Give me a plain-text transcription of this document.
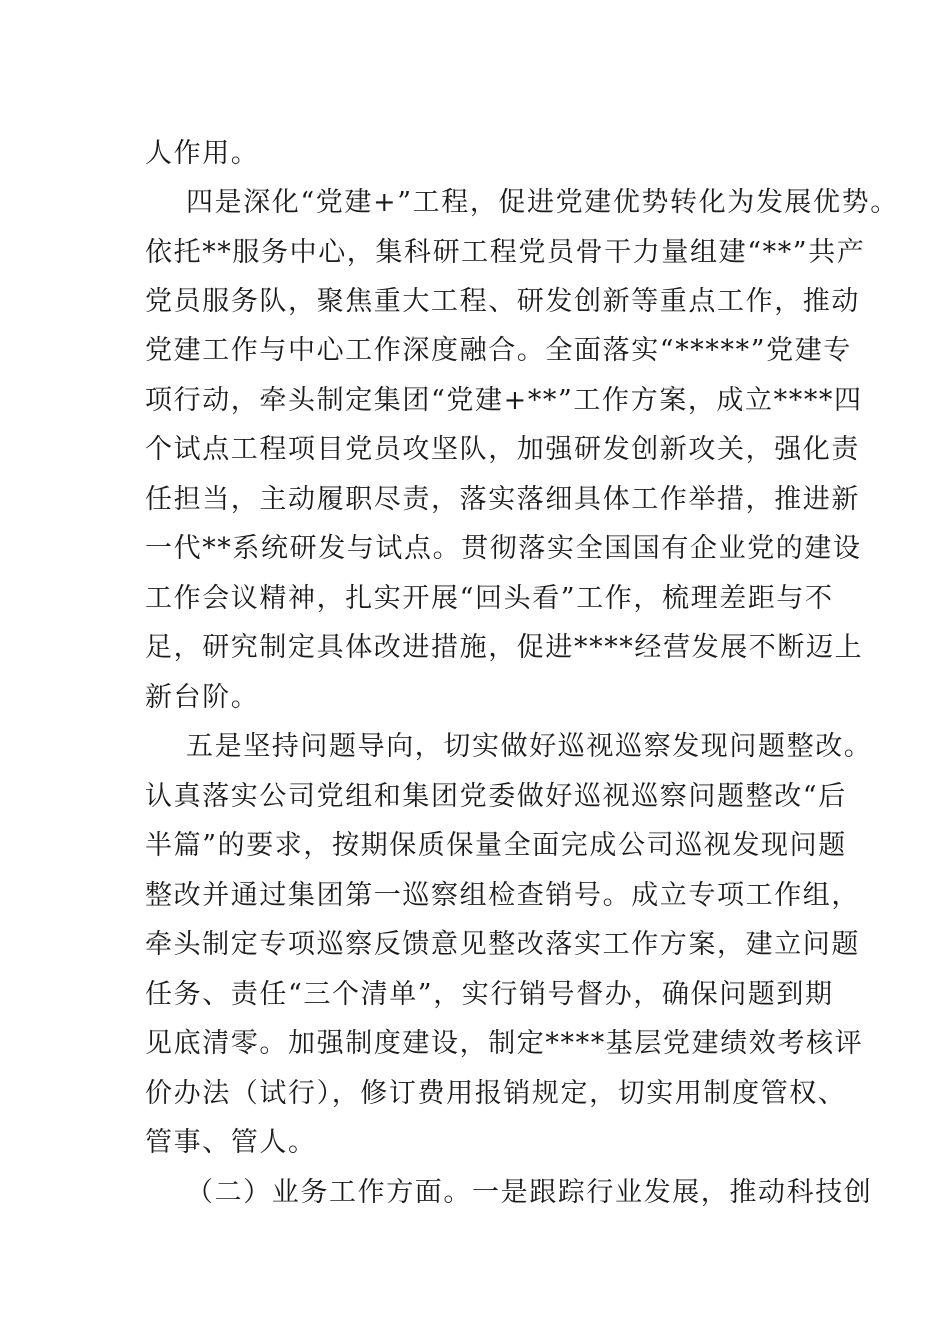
人作用。
四是深化“党建+”工程，促进党建优势转化为发展优势。
依托**服务中心，集科研工程党员骨干力量组建“**”共产
党员服务队，聚焦重大工程、研发创新等重点工作，推动
党建工作与中心工作深度融合。全面落实“*****”党建专
项行动，牵头制定集团“党建+**”工作方案，成立****四
个试点工程项目党员攻坚队，加强研发创新攻关，强化责
任担当，主动履职尽责，落实落细具体工作举措，推进新
一代**系统研发与试点。贯彻落实全国国有企业党的建设
工作会议精神，扎实开展“回头看”工作，梳理差距与不
足，研究制定具体改进措施，促进****经营发展不断迈上
新台阶。
五是坚持问题导向，切实做好巡视巡察发现问题整改。
认真落实公司党组和集团党委做好巡视巡察问题整改“后
半篇”的要求，按期保质保量全面完成公司巡视发现问题
整改并通过集团第一巡察组检查销号。成立专项工作组，
牵头制定专项巡察反馈意见整改落实工作方案，建立问题
任务、责任“三个清单”，实行销号督办，确保问题到期
见底清零。加强制度建设，制定****基层党建绩效考核评
价办法（试行），修订费用报销规定，切实用制度管权、
管事、管人。
（二）业务工作方面。一是跟踪行业发展，推动科技创
